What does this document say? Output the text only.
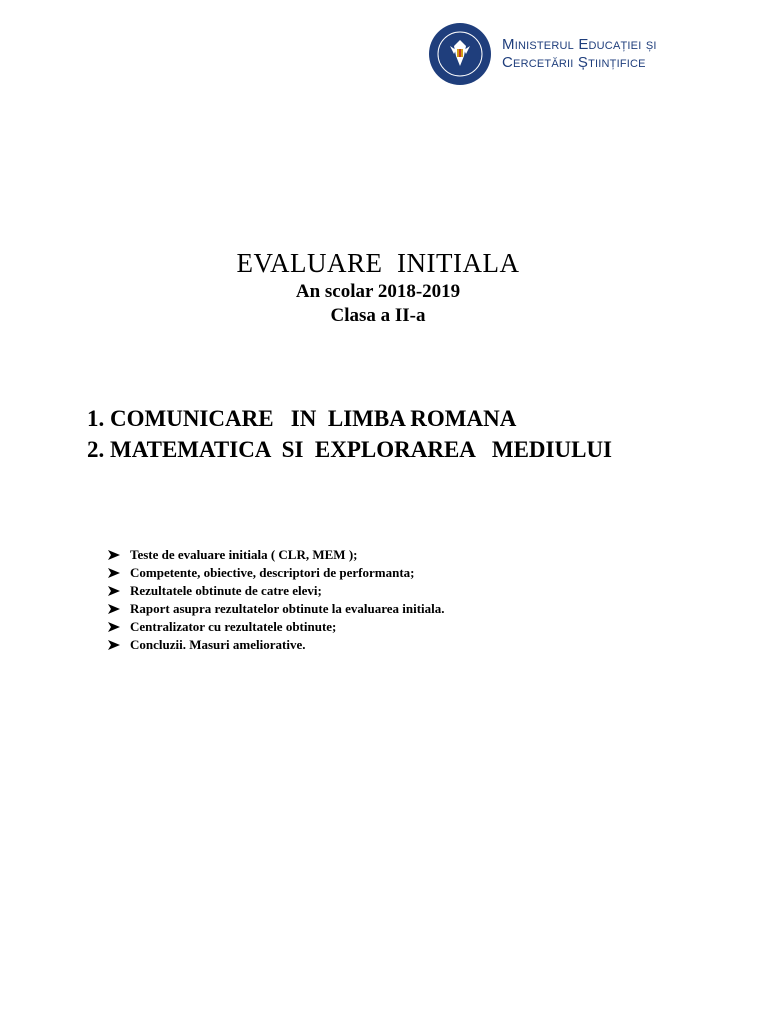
Ministerul Educației și
Cercetării Științifice
EVALUARE  INITIALA

An scolar 2018-2019

Clasa a II-a

1. COMUNICARE   IN  LIMBA ROMANA
2. MATEMATICA  SI  EXPLORAREA   MEDIULUI
Teste de evaluare initiala ( CLR, MEM );
Competente, obiective, descriptori de performanta;
Rezultatele obtinute de catre elevi;
Raport asupra rezultatelor obtinute la evaluarea initiala.
Centralizator cu rezultatele obtinute;
Concluzii. Masuri ameliorative.
